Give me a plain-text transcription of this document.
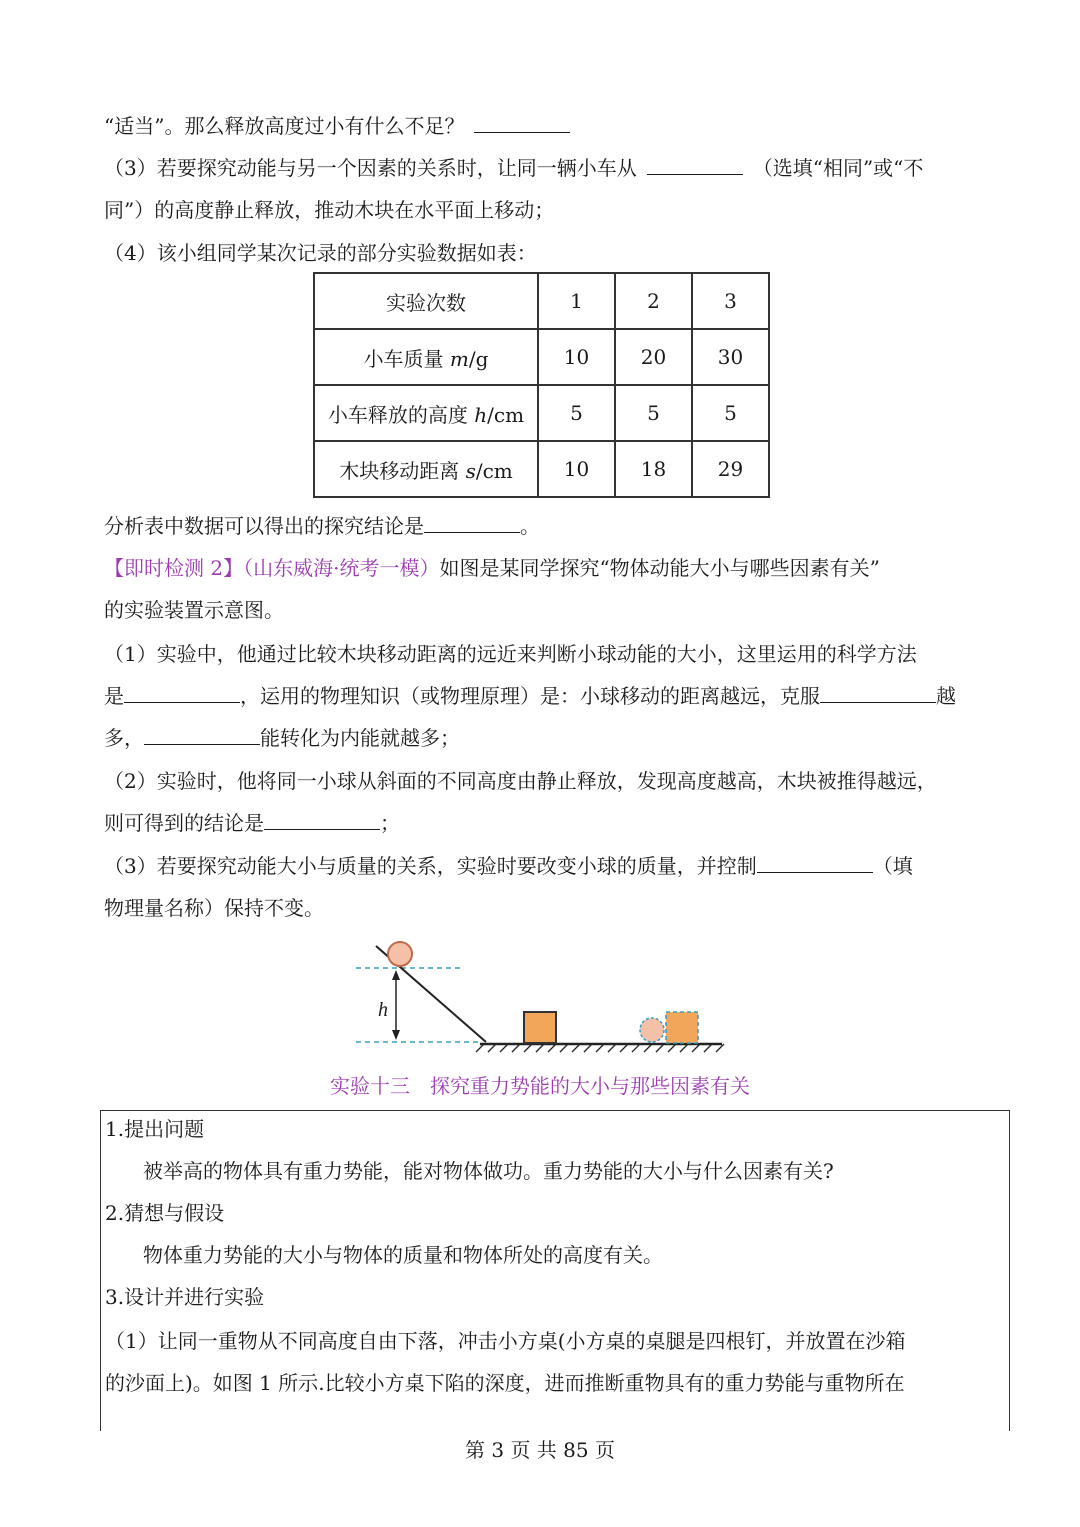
“适当”。那么释放高度过小有什么不足？
（3）若要探究动能与另一个因素的关系时，让同一辆小车从	（选填“相同”或“不
同”）的高度静止释放，推动木块在水平面上移动；
（4）该小组同学某次记录的部分实验数据如表：
实验次数	1	2	3
小车质量 m/g	10	20	30
小车释放的高度 h/cm	5	5	5
木块移动距离 s/cm	10	18	29
分析表中数据可以得出的探究结论是	。
【即时检测 2】（山东威海·统考一模）如图是某同学探究“物体动能大小与哪些因素有关”
的实验装置示意图。
（1）实验中，他通过比较木块移动距离的远近来判断小球动能的大小，这里运用的科学方法
是	，运用的物理知识（或物理原理）是：小球移动的距离越远，克服	越
多，	能转化为内能就越多；
（2）实验时，他将同一小球从斜面的不同高度由静止释放，发现高度越高，木块被推得越远，
则可得到的结论是	；
（3）若要探究动能大小与质量的关系，实验时要改变小球的质量，并控制	（填
物理量名称）保持不变。
h
实验十三　探究重力势能的大小与那些因素有关
1.提出问题
被举高的物体具有重力势能，能对物体做功。重力势能的大小与什么因素有关?
2.猜想与假设
物体重力势能的大小与物体的质量和物体所处的高度有关。
3.设计并进行实验
（1）让同一重物从不同高度自由下落，冲击小方桌(小方桌的桌腿是四根钉，并放置在沙箱
的沙面上)。如图 1 所示.比较小方桌下陷的深度，进而推断重物具有的重力势能与重物所在
第 3 页 共 85 页
